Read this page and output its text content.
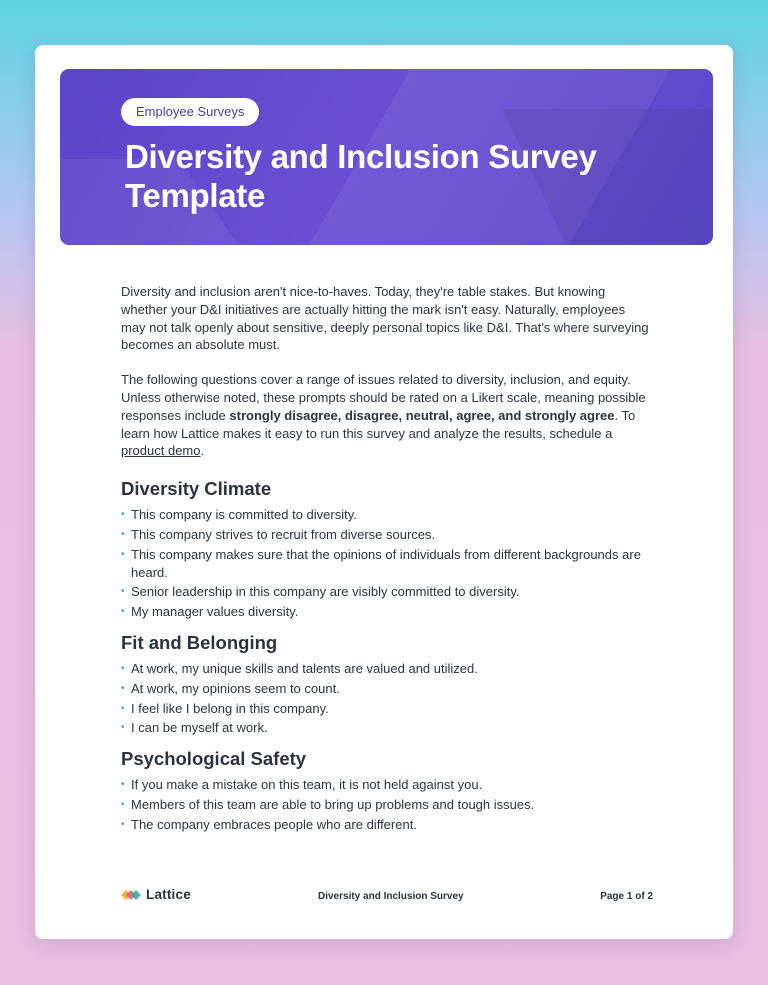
Employee Surveys
Diversity and Inclusion Survey Template

Diversity and inclusion aren't nice-to-haves. Today, they're table stakes. But knowing whether your D&I initiatives are actually hitting the mark isn't easy. Naturally, employees may not talk openly about sensitive, deeply personal topics like D&I. That's where surveying becomes an absolute must.

The following questions cover a range of issues related to diversity, inclusion, and equity. Unless otherwise noted, these prompts should be rated on a Likert scale, meaning possible responses include strongly disagree, disagree, neutral, agree, and strongly agree. To learn how Lattice makes it easy to run this survey and analyze the results, schedule a product demo.

Diversity Climate
• This company is committed to diversity.
• This company strives to recruit from diverse sources.
• This company makes sure that the opinions of individuals from different backgrounds are heard.
• Senior leadership in this company are visibly committed to diversity.
• My manager values diversity.
Fit and Belonging
• At work, my unique skills and talents are valued and utilized.
• At work, my opinions seem to count.
• I feel like I belong in this company.
• I can be myself at work.
Psychological Safety
• If you make a mistake on this team, it is not held against you.
• Members of this team are able to bring up problems and tough issues.
• The company embraces people who are different.
Lattice	Diversity and Inclusion Survey	Page 1 of 2
